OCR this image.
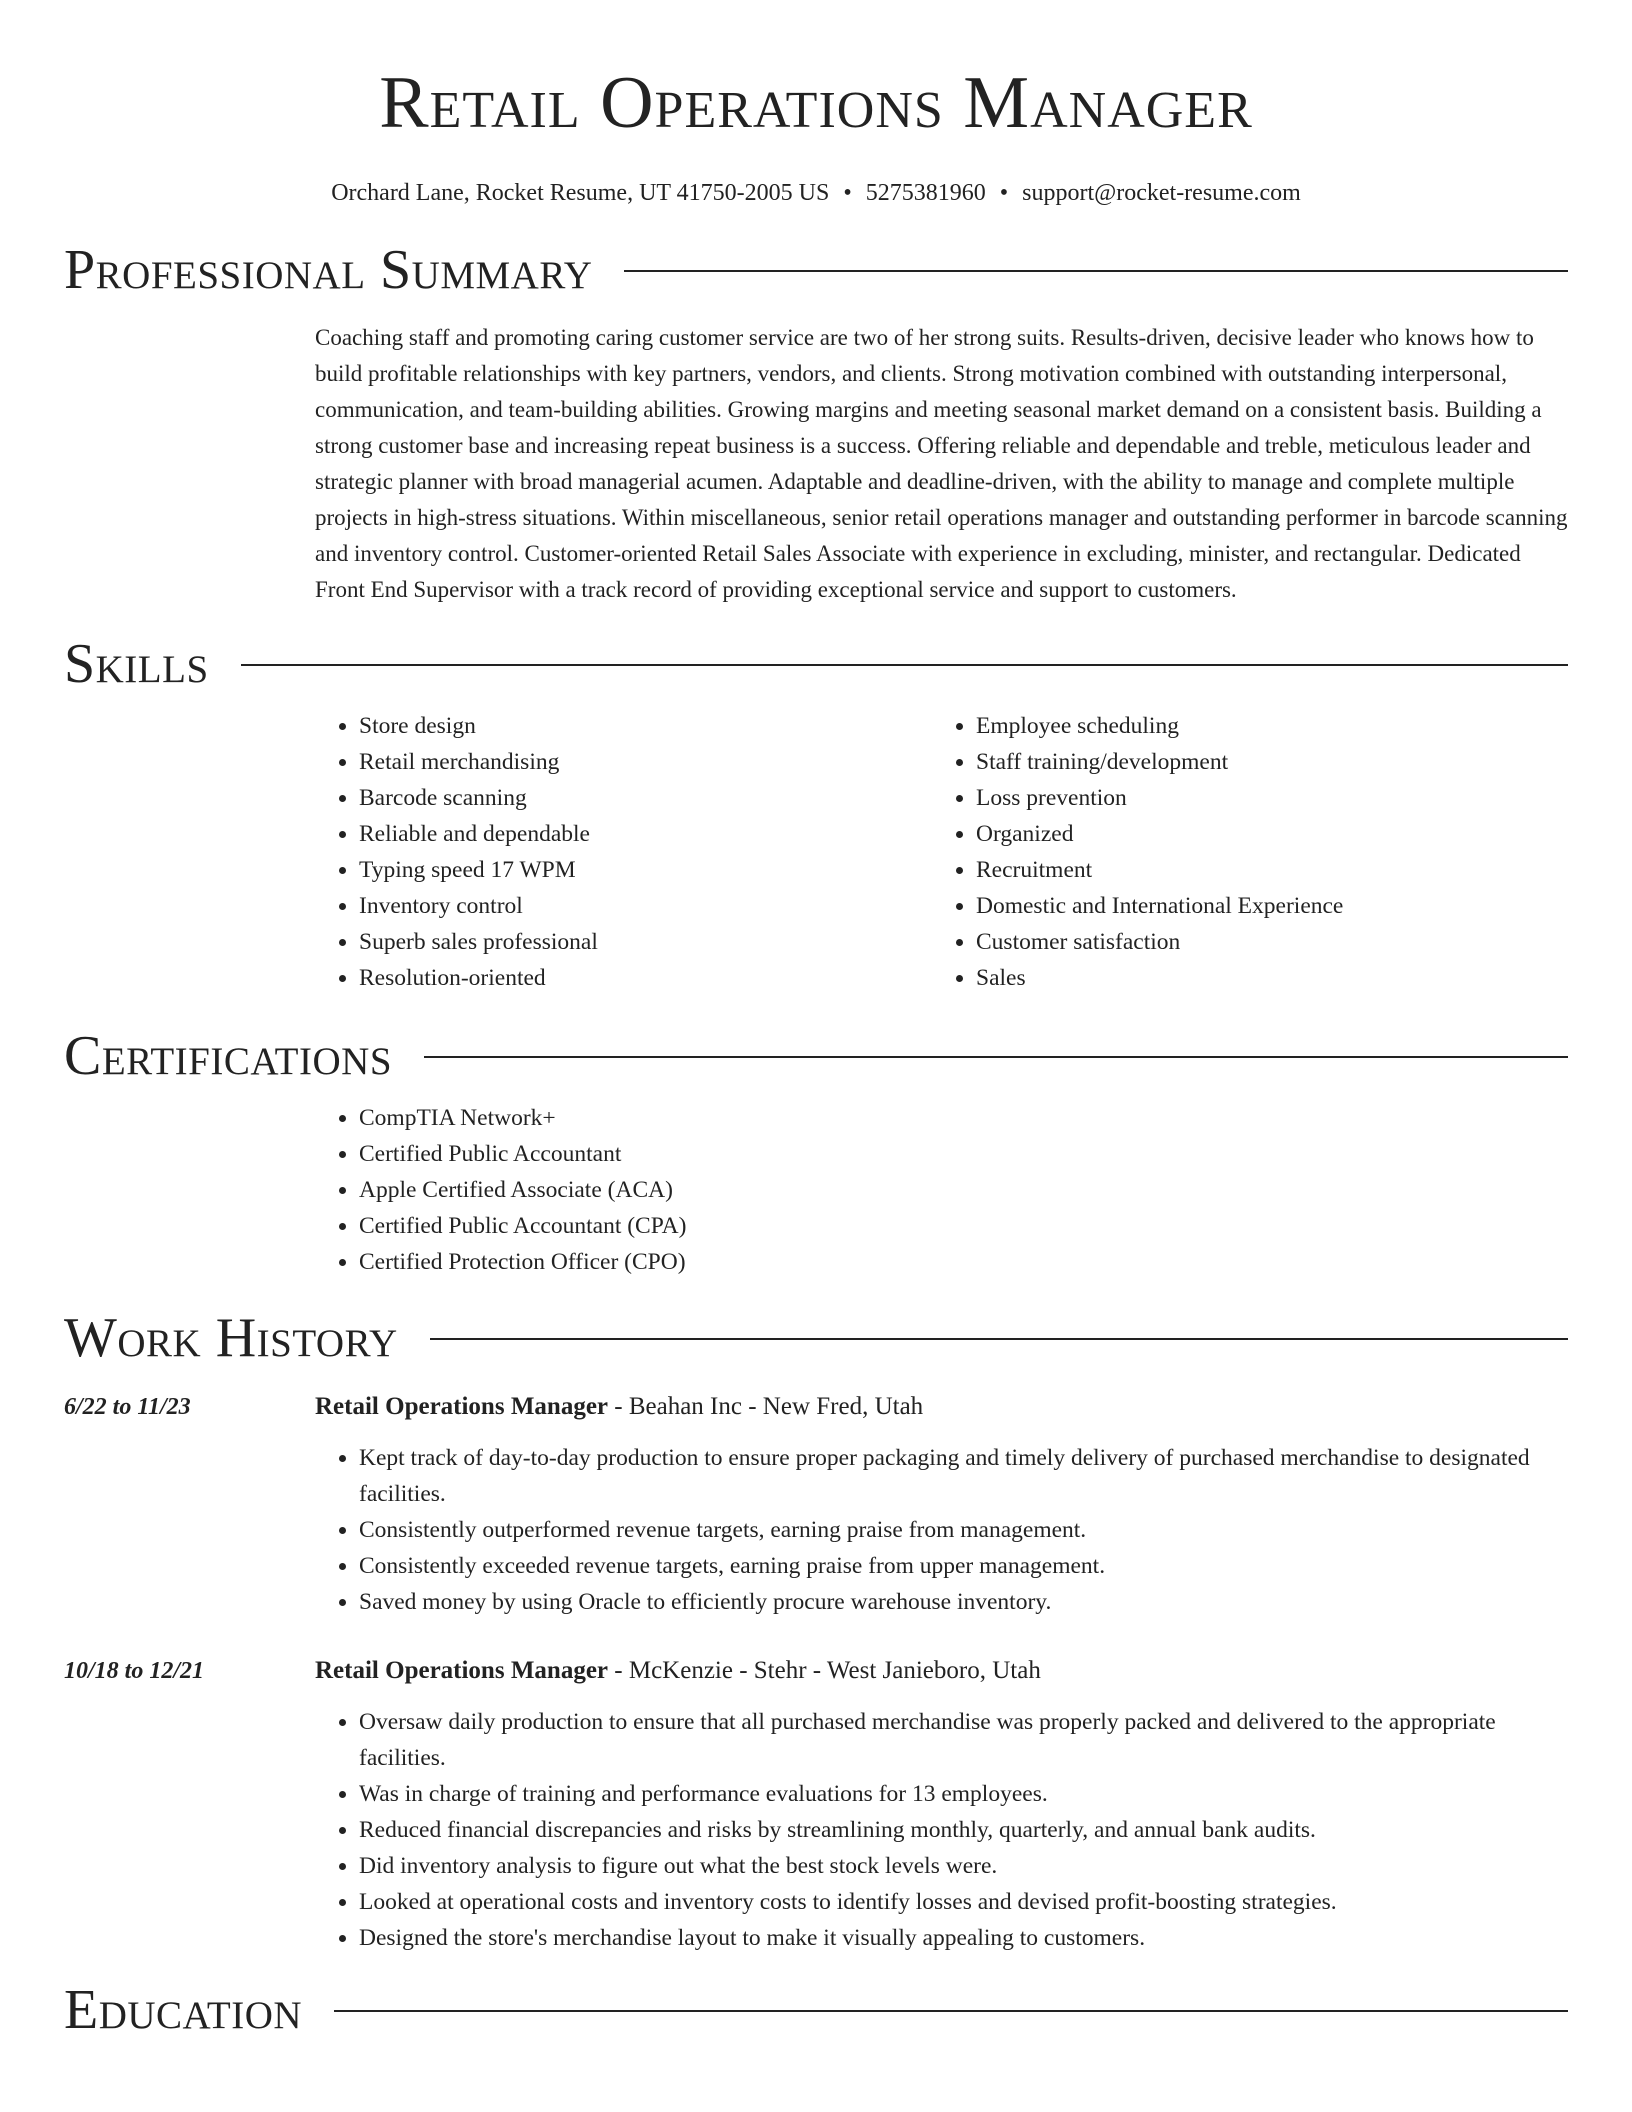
Retail Operations Manager
Orchard Lane, Rocket Resume, UT 41750-2005 US • 5275381960 • support@rocket-resume.com
Professional Summary

Coaching staff and promoting caring customer service are two of her strong suits. Results-driven, decisive leader who knows how to build profitable relationships with key partners, vendors, and clients. Strong motivation combined with outstanding interpersonal, communication, and team-building abilities. Growing margins and meeting seasonal market demand on a consistent basis. Building a strong customer base and increasing repeat business is a success. Offering reliable and dependable and treble, meticulous leader and strategic planner with broad managerial acumen. Adaptable and deadline-driven, with the ability to manage and complete multiple projects in high-stress situations. Within miscellaneous, senior retail operations manager and outstanding performer in barcode scanning and inventory control. Customer-oriented Retail Sales Associate with experience in excluding, minister, and rectangular. Dedicated Front End Supervisor with a track record of providing exceptional service and support to customers.

Skills
• Store design
• Retail merchandising
• Barcode scanning
• Reliable and dependable
• Typing speed 17 WPM
• Inventory control
• Superb sales professional
• Resolution-oriented
• Employee scheduling
• Staff training/development
• Loss prevention
• Organized
• Recruitment
• Domestic and International Experience
• Customer satisfaction
• Sales
Certifications
• CompTIA Network+
• Certified Public Accountant
• Apple Certified Associate (ACA)
• Certified Public Accountant (CPA)
• Certified Protection Officer (CPO)
Work History
6/22 to 11/23	Retail Operations Manager - Beahan Inc - New Fred, Utah
• Kept track of day-to-day production to ensure proper packaging and timely delivery of purchased merchandise to designated facilities.
• Consistently outperformed revenue targets, earning praise from management.
• Consistently exceeded revenue targets, earning praise from upper management.
• Saved money by using Oracle to efficiently procure warehouse inventory.
10/18 to 12/21	Retail Operations Manager - McKenzie - Stehr - West Janieboro, Utah
• Oversaw daily production to ensure that all purchased merchandise was properly packed and delivered to the appropriate facilities.
• Was in charge of training and performance evaluations for 13 employees.
• Reduced financial discrepancies and risks by streamlining monthly, quarterly, and annual bank audits.
• Did inventory analysis to figure out what the best stock levels were.
• Looked at operational costs and inventory costs to identify losses and devised profit-boosting strategies.
• Designed the store's merchandise layout to make it visually appealing to customers.
Education
